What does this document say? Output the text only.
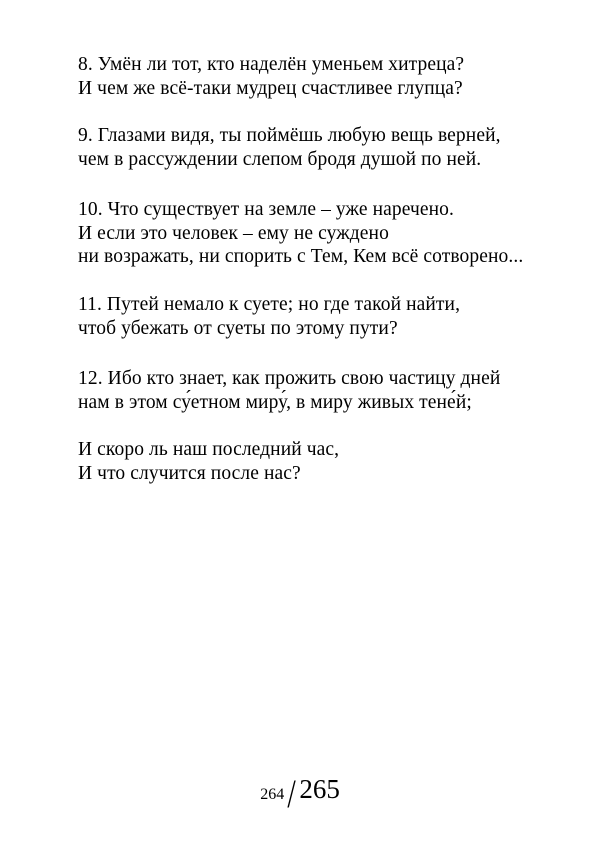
8. Умён ли тот, кто наделён уменьем хитреца?
И чем же всё-таки мудрец счастливее глупца?
9. Глазами видя, ты поймёшь любую вещь верней,
чем в рассуждении слепом бродя душой по ней.
10. Что существует на земле – уже наречено.
И если это человек – ему не суждено
ни возражать, ни спорить с Тем, Кем всё сотворено...
11. Путей немало к суете; но где такой найти,
чтоб убежать от суеты по этому пути?
12. Ибо кто знает, как прожить свою частицу дней
нам в этом су́етном миру́, в миру живых тене́й;
И скоро ль наш последний час,
И что случится после нас?
264/ 265
